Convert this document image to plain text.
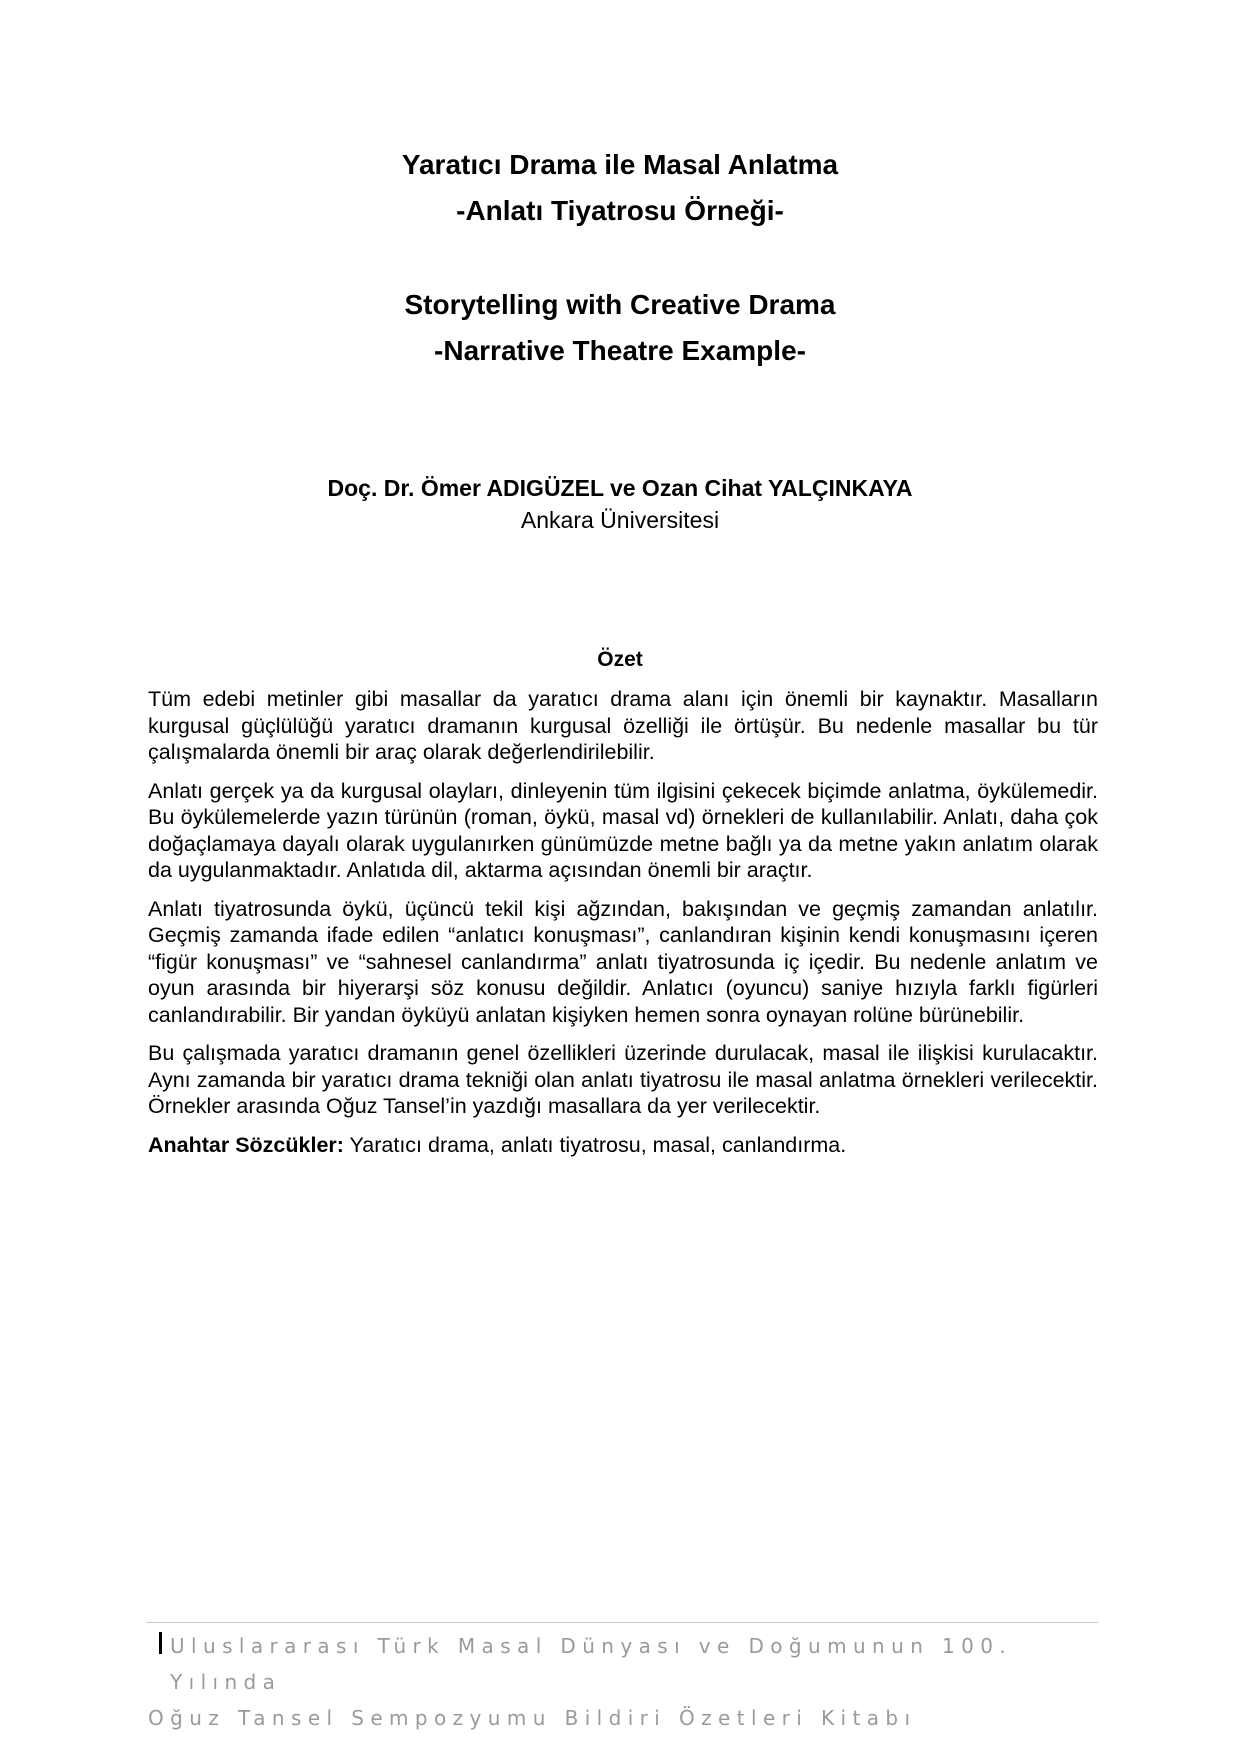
Yaratıcı Drama ile Masal Anlatma
-Anlatı Tiyatrosu Örneği-
Storytelling with Creative Drama
-Narrative Theatre Example-
Doç. Dr. Ömer ADIGÜZEL ve Ozan Cihat YALÇINKAYA
Ankara Üniversitesi
Özet

Tüm edebi metinler gibi masallar da yaratıcı drama alanı için önemli bir kaynaktır. Masalların kurgusal güçlülüğü yaratıcı dramanın kurgusal özelliği ile örtüşür. Bu nedenle masallar bu tür çalışmalarda önemli bir araç olarak değerlendirilebilir.

Anlatı gerçek ya da kurgusal olayları, dinleyenin tüm ilgisini çekecek biçimde anlatma, öykülemedir. Bu öykülemelerde yazın türünün (roman, öykü, masal vd) örnekleri de kullanılabilir. Anlatı, daha çok doğaçlamaya dayalı olarak uygulanırken günümüzde metne bağlı ya da metne yakın anlatım olarak da uygulanmaktadır. Anlatıda dil, aktarma açısından önemli bir araçtır.

Anlatı tiyatrosunda öykü, üçüncü tekil kişi ağzından, bakışından ve geçmiş zamandan anlatılır. Geçmiş zamanda ifade edilen “anlatıcı konuşması”, canlandıran kişinin kendi konuşmasını içeren “figür konuşması” ve “sahnesel canlandırma” anlatı tiyatrosunda iç içedir. Bu nedenle anlatım ve oyun arasında bir hiyerarşi söz konusu değildir. Anlatıcı (oyuncu) saniye hızıyla farklı figürleri canlandırabilir. Bir yandan öyküyü anlatan kişiyken hemen sonra oynayan rolüne bürünebilir.

Bu çalışmada yaratıcı dramanın genel özellikleri üzerinde durulacak, masal ile ilişkisi kurulacaktır. Aynı zamanda bir yaratıcı drama tekniği olan anlatı tiyatrosu ile masal anlatma örnekleri verilecektir. Örnekler arasında Oğuz Tansel’in yazdığı masallara da yer verilecektir.

Anahtar Sözcükler: Yaratıcı drama, anlatı tiyatrosu, masal, canlandırma.

Uluslararası Türk Masal Dünyası ve Doğumunun 100. Yılında
Oğuz Tansel Sempozyumu Bildiri Özetleri Kitabı
